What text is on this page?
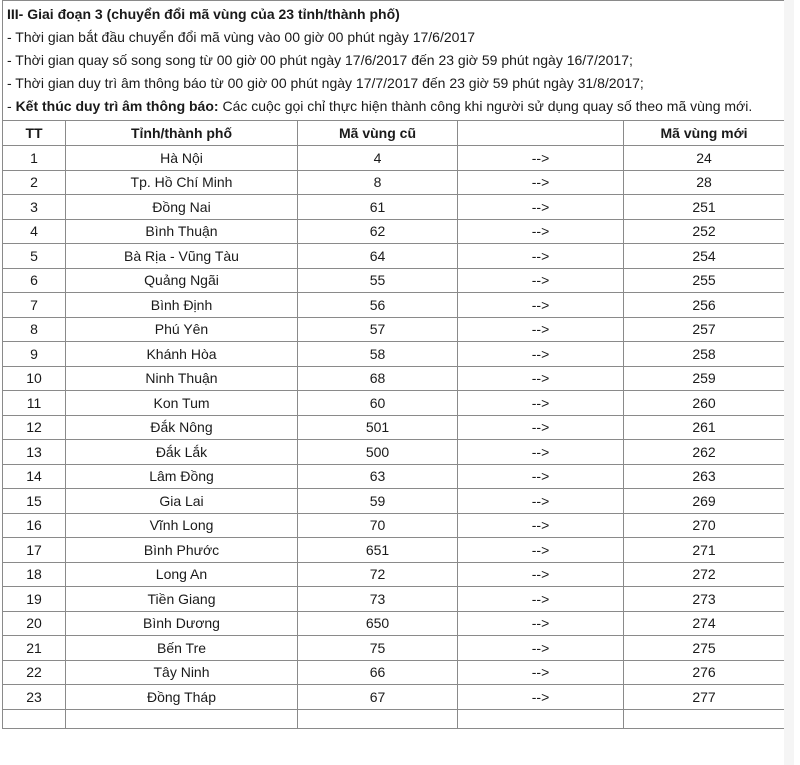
III- Giai đoạn 3 (chuyển đổi mã vùng của 23 tỉnh/thành phố)
- Thời gian bắt đầu chuyển đổi mã vùng vào 00 giờ 00 phút ngày 17/6/2017
- Thời gian quay số song song từ 00 giờ 00 phút ngày 17/6/2017 đến 23 giờ 59 phút ngày 16/7/2017;
- Thời gian duy trì âm thông báo từ 00 giờ 00 phút ngày 17/7/2017 đến 23 giờ 59 phút ngày 31/8/2017;
- Kết thúc duy trì âm thông báo: Các cuộc gọi chỉ thực hiện thành công khi người sử dụng quay số theo mã vùng mới.				

TT	Tỉnh/thành phố	Mã vùng cũ		Mã vùng mới
1	Hà Nội	4	-->	24
2	Tp. Hồ Chí Minh	8	-->	28
3	Đồng Nai	61	-->	251
4	Bình Thuận	62	-->	252
5	Bà Rịa - Vũng Tàu	64	-->	254
6	Quảng Ngãi	55	-->	255
7	Bình Định	56	-->	256
8	Phú Yên	57	-->	257
9	Khánh Hòa	58	-->	258
10	Ninh Thuận	68	-->	259
11	Kon Tum	60	-->	260
12	Đắk Nông	501	-->	261
13	Đắk Lắk	500	-->	262
14	Lâm Đồng	63	-->	263
15	Gia Lai	59	-->	269
16	Vĩnh Long	70	-->	270
17	Bình Phước	651	-->	271
18	Long An	72	-->	272
19	Tiền Giang	73	-->	273
20	Bình Dương	650	-->	274
21	Bến Tre	75	-->	275
22	Tây Ninh	66	-->	276
23	Đồng Tháp	67	-->	277
